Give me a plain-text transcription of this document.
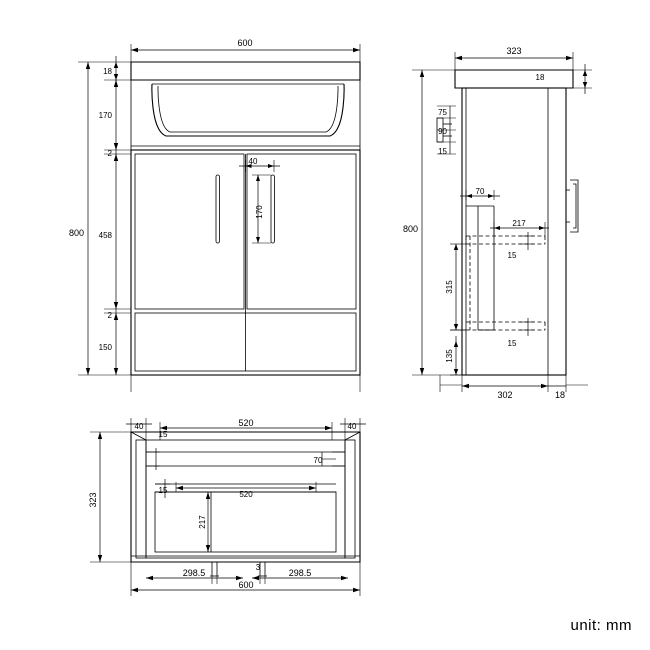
600
18
170
2
458
2
150
800
40
170
323
18
75
90
15
800
70
217
15
315
135
15
302	18
520
40	40
15
70
15	520
217
323
298.5
3
298.5
600
unit: mm
